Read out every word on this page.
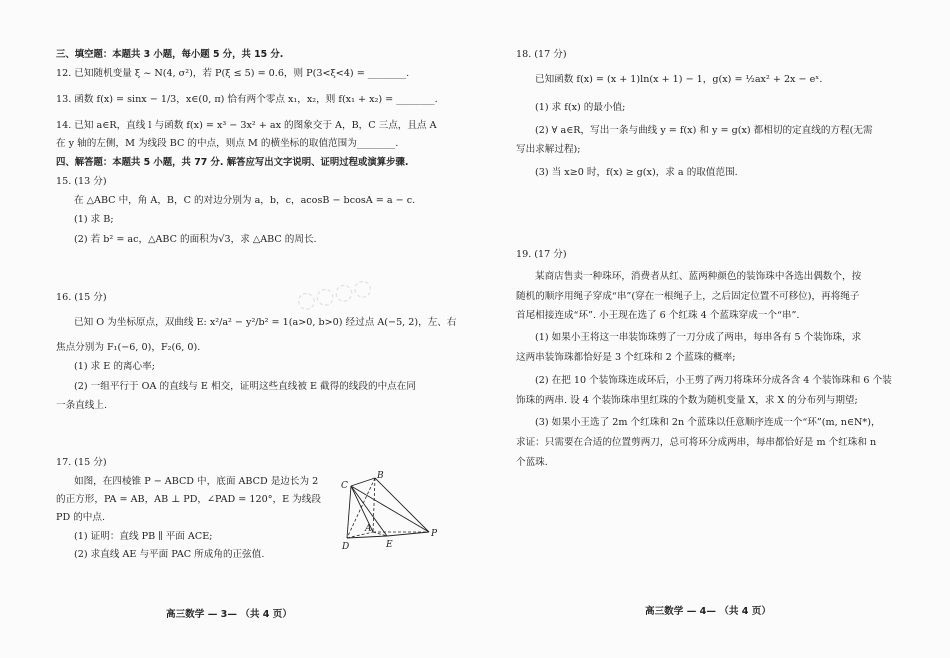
三、填空题：本题共 3 小题，每小题 5 分，共 15 分.
12. 已知随机变量 ξ ~ N(4, σ²)，若 P(ξ ≤ 5) = 0.6，则 P(3<ξ<4) = ________.
13. 函数 f(x) = sinx − 1/3，x∈(0, π) 恰有两个零点 x₁，x₂，则 f(x₁ + x₂) = ________.
14. 已知 a∈R，直线 l 与函数 f(x) = x³ − 3x² + ax 的图象交于 A，B，C 三点，且点 A
在 y 轴的左侧，M 为线段 BC 的中点，则点 M 的横坐标的取值范围为________.
四、解答题：本题共 5 小题，共 77 分. 解答应写出文字说明、证明过程或演算步骤.
15. (13 分)
在 △ABC 中，角 A，B，C 的对边分别为 a，b，c，acosB − bcosA = a − c.
(1) 求 B;
(2) 若 b² = ac，△ABC 的面积为√3，求 △ABC 的周长.
16. (15 分)
已知 O 为坐标原点，双曲线 E: x²/a² − y²/b² = 1(a>0, b>0) 经过点 A(−5, 2)，左、右
焦点分别为 F₁(−6, 0)，F₂(6, 0).
(1) 求 E 的离心率;
(2) 一组平行于 OA 的直线与 E 相交，证明这些直线被 E 截得的线段的中点在同
一条直线上.
17. (15 分)
如图，在四棱锥 P − ABCD 中，底面 ABCD 是边长为 2
的正方形，PA = AB，AB ⊥ PD，∠PAD = 120°，E 为线段
PD 的中点.
(1) 证明：直线 PB ∥ 平面 ACE;
(2) 求直线 AE 与平面 PAC 所成角的正弦值.
B
C
A
D	E
P
高三数学 — 3— （共 4 页）
◌◌◌◌
18. (17 分)
已知函数 f(x) = (x + 1)ln(x + 1) − 1，g(x) = ½ax² + 2x − eˣ.
(1) 求 f(x) 的最小值;
(2) ∀ a∈R，写出一条与曲线 y = f(x) 和 y = g(x) 都相切的定直线的方程(无需
写出求解过程);
(3) 当 x≥0 时，f(x) ≥ g(x)，求 a 的取值范围.
19. (17 分)
某商店售卖一种珠环，消费者从红、蓝两种颜色的装饰珠中各选出偶数个，按
随机的顺序用绳子穿成“串”(穿在一根绳子上，之后固定位置不可移位)，再将绳子
首尾相接连成“环”. 小王现在选了 6 个红珠 4 个蓝珠穿成一个“串”.
(1) 如果小王将这一串装饰珠剪了一刀分成了两串，每串各有 5 个装饰珠，求
这两串装饰珠都恰好是 3 个红珠和 2 个蓝珠的概率;
(2) 在把 10 个装饰珠连成环后，小王剪了两刀将珠环分成各含 4 个装饰珠和 6 个装
饰珠的两串. 设 4 个装饰珠串里红珠的个数为随机变量 X，求 X 的分布列与期望;
(3) 如果小王选了 2m 个红珠和 2n 个蓝珠以任意顺序连成一个“环”(m, n∈N*)，
求证：只需要在合适的位置剪两刀，总可将环分成两串，每串都恰好是 m 个红珠和 n
个蓝珠.
高三数学 — 4— （共 4 页）
